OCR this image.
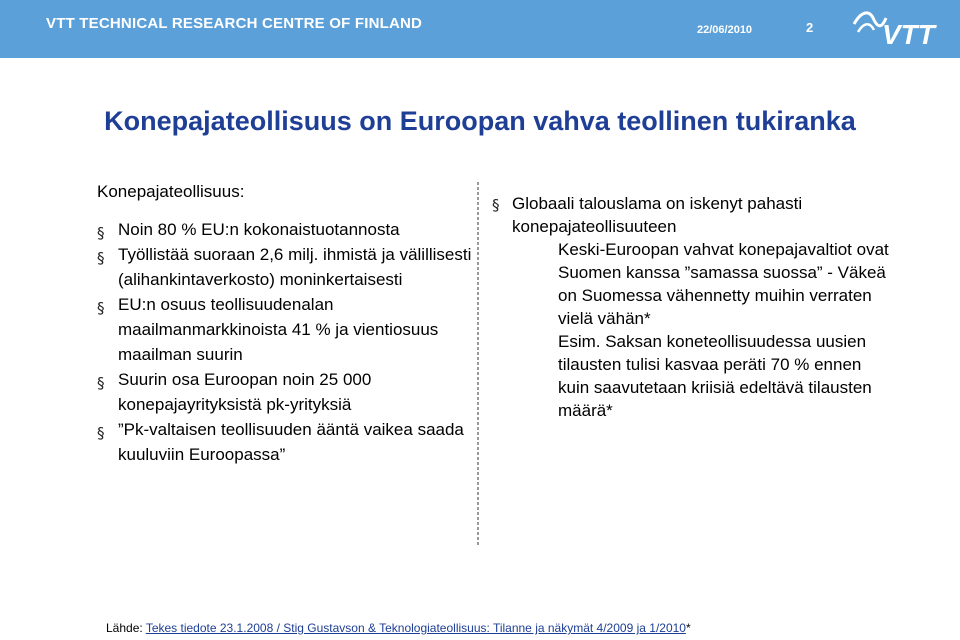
VTT TECHNICAL RESEARCH CENTRE OF FINLAND	22/06/2010	2 VTT
Konepajateollisuus on Euroopan vahva teollinen tukiranka
Konepajateollisuus:
§ Noin 80 % EU:n kokonaistuotannosta
§ Työllistää suoraan 2,6 milj. ihmistä ja välillisesti (alihankintaverkosto) moninkertaisesti
§ EU:n osuus teollisuudenalan maailmanmarkkinoista 41 % ja vientiosuus maailman suurin
§ Suurin osa Euroopan noin 25 000 konepajayrityksistä pk-yrityksiä
§ ”Pk-valtaisen teollisuuden ääntä vaikea saada kuuluviin Euroopassa”
§ Globaali talouslama on iskenyt pahasti konepajateollisuuteen
Keski-Euroopan vahvat konepajavaltiot ovat Suomen kanssa ”samassa suossa” - Väkeä on Suomessa vähennetty muihin verraten vielä vähän*
Esim. Saksan koneteollisuudessa uusien tilausten tulisi kasvaa peräti 70 % ennen kuin saavutetaan kriisiä edeltävä tilausten määrä*
Lähde: Tekes tiedote 23.1.2008 / Stig Gustavson & Teknologiateollisuus: Tilanne ja näkymät 4/2009 ja 1/2010*
